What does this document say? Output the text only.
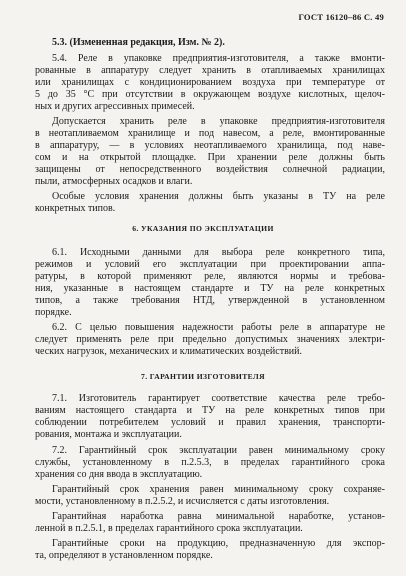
ГОСТ 16120–86 С. 49
5.3. (Измененная редакция, Изм. № 2).
5.4. Реле в упаковке предприятия-изготовителя, а также вмонти-
рованные в аппаратуру следует хранить в отапливаемых хранилищах
или хранилищах с кондиционированием воздуха при температуре от
5 до 35 °С при отсутствии в окружающем воздухе кислотных, щелоч-
ных и других агрессивных примесей.
Допускается хранить реле в упаковке предприятия-изготовителя
в неотапливаемом хранилище и под навесом, а реле, вмонтированные
в аппаратуру, — в условиях неотапливаемого хранилища, под наве-
сом и на открытой площадке. При хранении реле должны быть
защищены от непосредственного воздействия солнечной радиации,
пыли, атмосферных осадков и влаги.
Особые условия хранения должны быть указаны в ТУ на реле
конкретных типов.
6. УКАЗАНИЯ ПО ЭКСПЛУАТАЦИИ
6.1. Исходными данными для выбора реле конкретного типа,
режимов и условий его эксплуатации при проектировании аппа-
ратуры, в которой применяют реле, являются нормы и требова-
ния, указанные в настоящем стандарте и ТУ на реле конкретных
типов, а также требования НТД, утвержденной в установленном
порядке.
6.2. С целью повышения надежности работы реле в аппаратуре не
следует применять реле при предельно допустимых значениях электри-
ческих нагрузок, механических и климатических воздействий.
7. ГАРАНТИИ ИЗГОТОВИТЕЛЯ
7.1. Изготовитель гарантирует соответствие качества реле требо-
ваниям настоящего стандарта и ТУ на реле конкретных типов при
соблюдении потребителем условий и правил хранения, транспорти-
рования, монтажа и эксплуатации.
7.2. Гарантийный срок эксплуатации равен минимальному сроку
службы, установленному в п.2.5.3, в пределах гарантийного срока
хранения со дня ввода в эксплуатацию.
Гарантийный срок хранения равен минимальному сроку сохраняе-
мости, установленному в п.2.5.2, и исчисляется с даты изготовления.
Гарантийная наработка равна минимальной наработке, установ-
ленной в п.2.5.1, в пределах гарантийного срока эксплуатации.
Гарантийные сроки на продукцию, предназначенную для экспор-
та, определяют в установленном порядке.
